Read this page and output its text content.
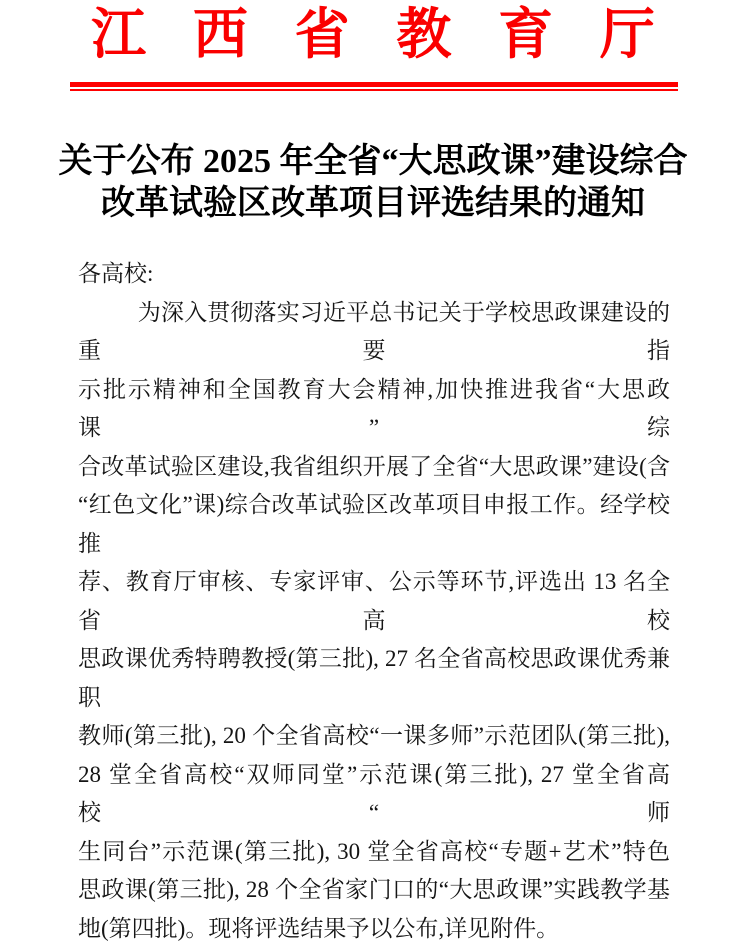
江西省教育厅
关于公布 2025 年全省“大思政课”建设综合
改革试验区改革项目评选结果的通知
各高校:
为深入贯彻落实习近平总书记关于学校思政课建设的重要指
示批示精神和全国教育大会精神,加快推进我省“大思政课”综
合改革试验区建设,我省组织开展了全省“大思政课”建设(含
“红色文化”课)综合改革试验区改革项目申报工作。经学校推
荐、教育厅审核、专家评审、公示等环节,评选出 13 名全省高校
思政课优秀特聘教授(第三批), 27 名全省高校思政课优秀兼职
教师(第三批), 20 个全省高校“一课多师”示范团队(第三批),
28 堂全省高校“双师同堂”示范课(第三批), 27 堂全省高校“师
生同台”示范课(第三批), 30 堂全省高校“专题+艺术”特色
思政课(第三批), 28 个全省家门口的“大思政课”实践教学基
地(第四批)。现将评选结果予以公布,详见附件。
